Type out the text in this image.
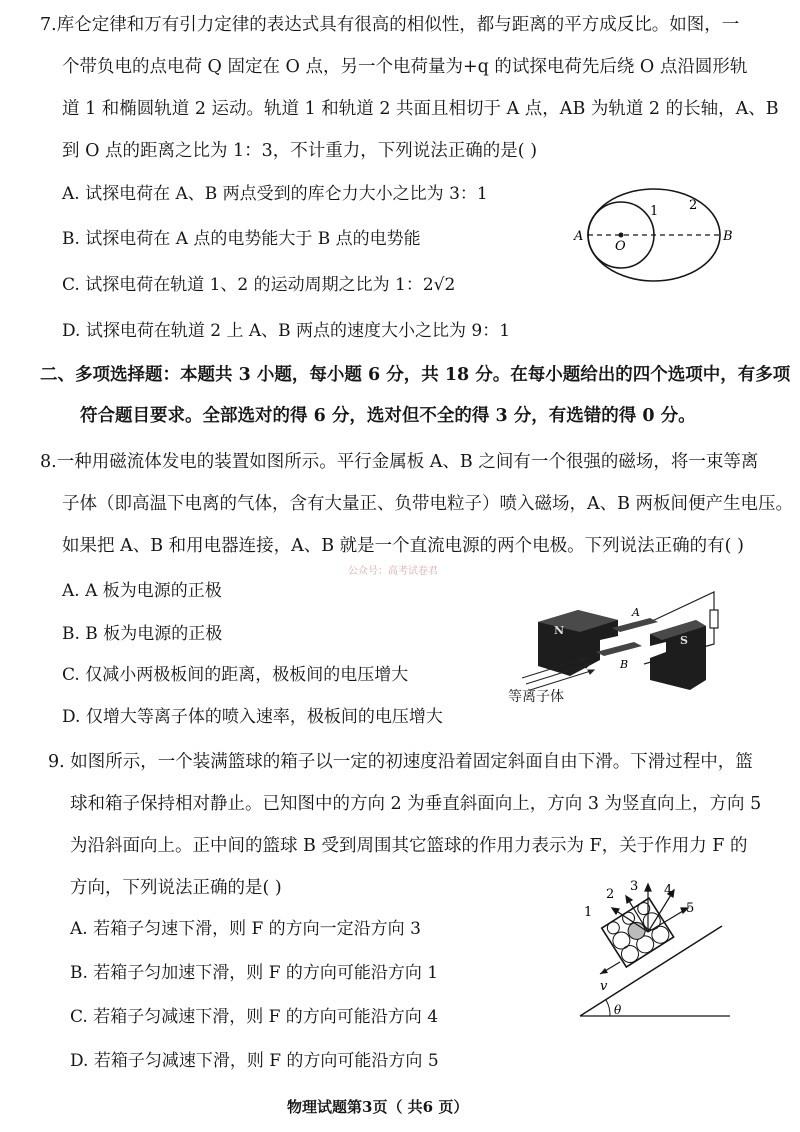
7.库仑定律和万有引力定律的表达式具有很高的相似性，都与距离的平方成反比。如图，一
个带负电的点电荷 Q 固定在 O 点，另一个电荷量为+q 的试探电荷先后绕 O 点沿圆形轨
道 1 和椭圆轨道 2 运动。轨道 1 和轨道 2 共面且相切于 A 点，AB 为轨道 2 的长轴，A、B
到 O 点的距离之比为 1：3，不计重力，下列说法正确的是( )
A. 试探电荷在 A、B 两点受到的库仑力大小之比为 3：1
B. 试探电荷在 A 点的电势能大于 B 点的电势能
C. 试探电荷在轨道 1、2 的运动周期之比为 1：2√2
D. 试探电荷在轨道 2 上 A、B 两点的速度大小之比为 9：1
A	B
O
1 2
二、多项选择题：本题共 3 小题，每小题 6 分，共 18 分。在每小题给出的四个选项中，有多项
符合题目要求。全部选对的得 6 分，选对但不全的得 3 分，有选错的得 0 分。
8.一种用磁流体发电的装置如图所示。平行金属板 A、B 之间有一个很强的磁场，将一束等离
子体（即高温下电离的气体，含有大量正、负带电粒子）喷入磁场，A、B 两板间便产生电压。
如果把 A、B 和用电器连接，A、B 就是一个直流电源的两个电极。下列说法正确的有( )
公众号：高考试卷君
A. A 板为电源的正极
B. B 板为电源的正极
C. 仅减小两极板间的距离，极板间的电压增大
D. 仅增大等离子体的喷入速率，极板间的电压增大
N
A
B
S
等离子体
9. 如图所示，一个装满篮球的箱子以一定的初速度沿着固定斜面自由下滑。下滑过程中，篮
球和箱子保持相对静止。已知图中的方向 2 为垂直斜面向上，方向 3 为竖直向上，方向 5
为沿斜面向上。正中间的篮球 B 受到周围其它篮球的作用力表示为 F，关于作用力 F 的
方向，下列说法正确的是( )
A. 若箱子匀速下滑，则 F 的方向一定沿方向 3
B. 若箱子匀加速下滑，则 F 的方向可能沿方向 1
C. 若箱子匀减速下滑，则 F 的方向可能沿方向 4
D. 若箱子匀减速下滑，则 F 的方向可能沿方向 5
θ
1
2
3 4
5
v
物理试题第3页（ 共6 页）
